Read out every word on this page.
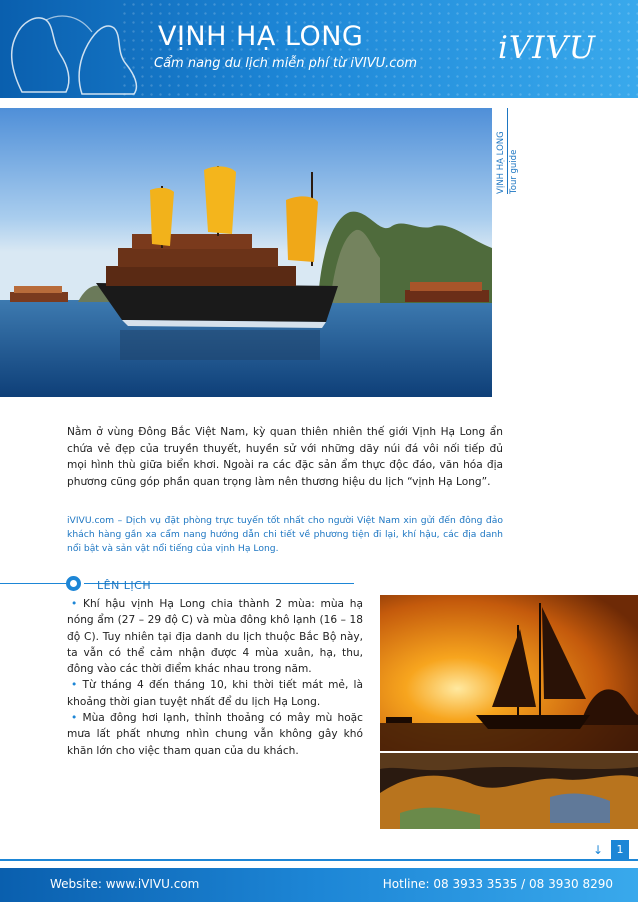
VỊNH HẠ LONG
Cẩm nang du lịch miễn phí từ iVIVU.com	iVIVU
VỊNH HẠ LONG Tour guide
Nằm ở vùng Đông Bắc Việt Nam, kỳ quan thiên nhiên thế giới Vịnh Hạ Long ẩn chứa vẻ đẹp của truyền thuyết, huyền sử với những dãy núi đá vôi nối tiếp đủ mọi hình thù giữa biển khơi. Ngoài ra các đặc sản ẩm thực độc đáo, văn hóa địa phương cũng góp phần quan trọng làm nên thương hiệu du lịch “vịnh Hạ Long”.
iVIVU.com – Dịch vụ đặt phòng trực tuyến tốt nhất cho người Việt Nam xin gửi đến đông đảo khách hàng gần xa cẩm nang hướng dẫn chi tiết về phương tiện đi lại, khí hậu, các địa danh nổi bật và sản vật nổi tiếng của vịnh Hạ Long.
LÊN LỊCH

• Khí hậu vịnh Hạ Long chia thành 2 mùa: mùa hạ nóng ẩm (27 – 29 độ C) và mùa đông khô lạnh (16 – 18 độ C). Tuy nhiên tại địa danh du lịch thuộc Bắc Bộ này, ta vẫn có thể cảm nhận được 4 mùa xuân, hạ, thu, đông vào các thời điểm khác nhau trong năm.

• Từ tháng 4 đến tháng 10, khi thời tiết mát mẻ, là khoảng thời gian tuyệt nhất để du lịch Hạ Long.

• Mùa đông hơi lạnh, thỉnh thoảng có mây mù hoặc mưa lất phất nhưng nhìn chung vẫn không gây khó khăn lớn cho việc tham quan của du khách.

↓	1
Website: www.iVIVU.com	Hotline: 08 3933 3535 / 08 3930 8290
